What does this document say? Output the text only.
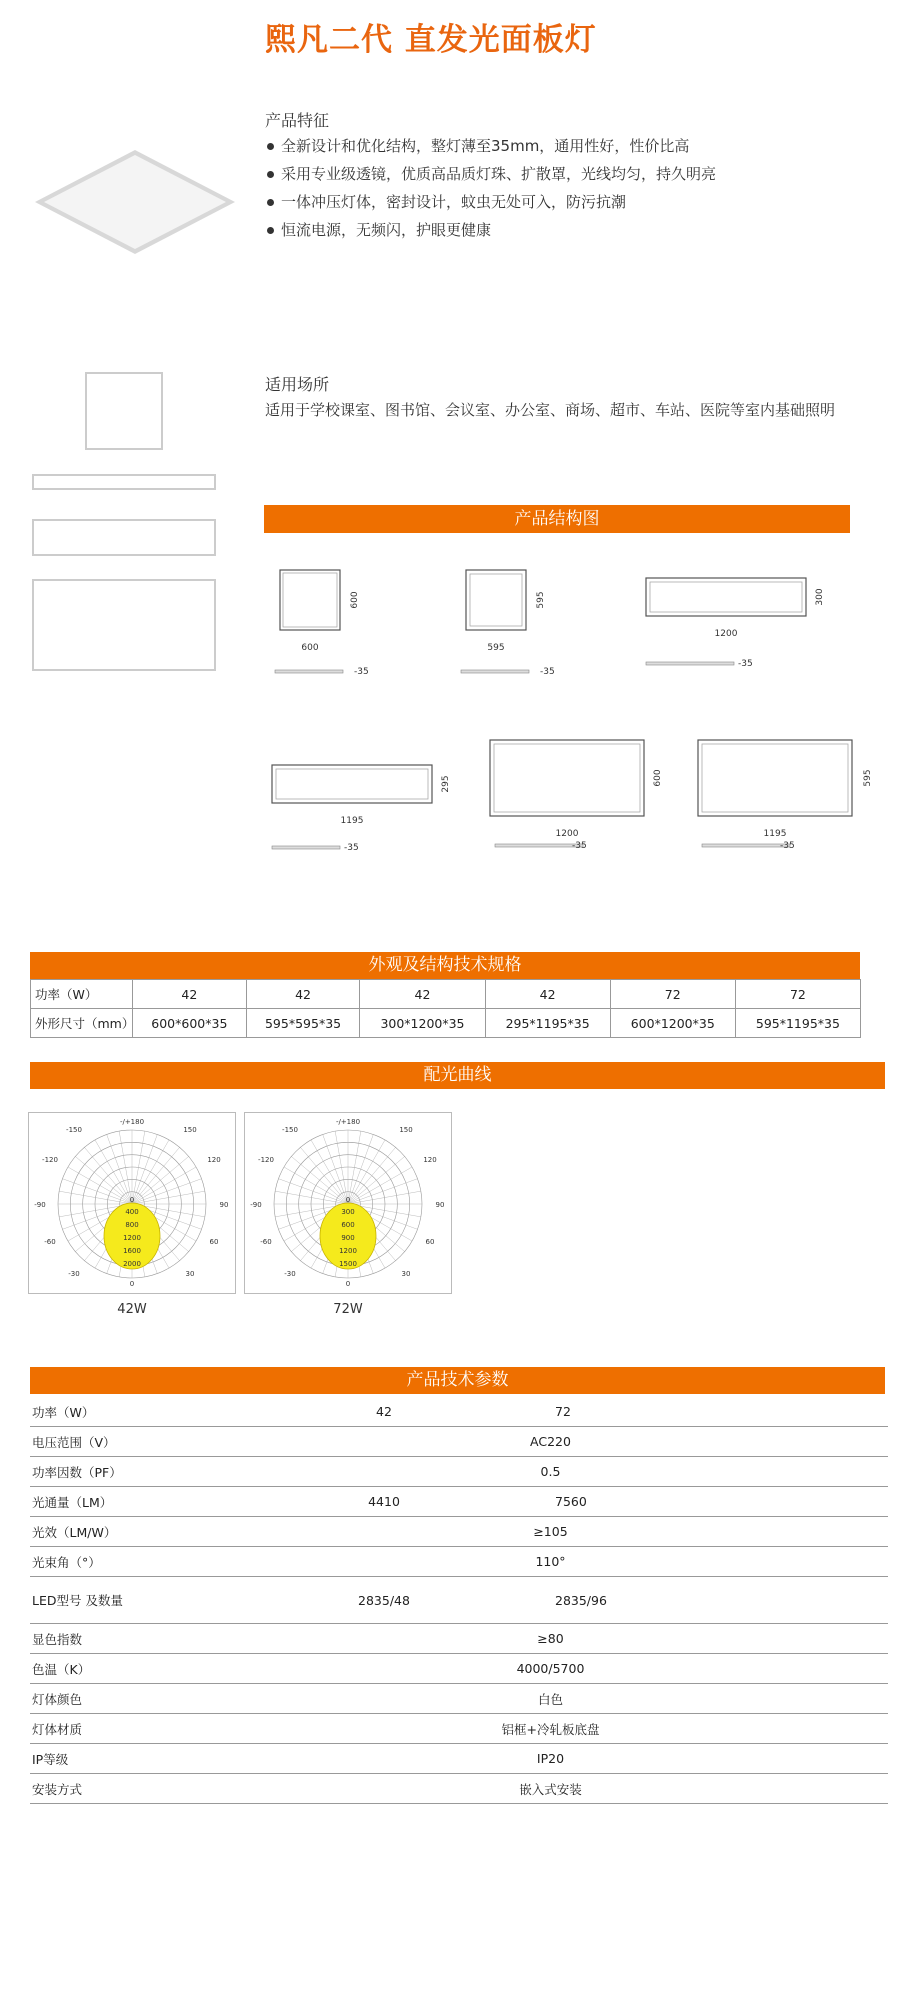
熙凡二代 直发光面板灯
产品特征
全新设计和优化结构，整灯薄至35mm，通用性好，性价比高
采用专业级透镜，优质高品质灯珠、扩散罩，光线均匀，持久明亮
一体冲压灯体，密封设计，蚊虫无处可入，防污抗潮
恒流电源，无频闪，护眼更健康
适用场所
适用于学校课室、图书馆、会议室、办公室、商场、超市、车站、医院等室内基础照明
产品结构图
600
600
-35
595
595
-35
1200
300
-35
1195
295
-35
1200
600
-35
1195
595
-35
外观及结构技术规格
功率（W）	42	42	42	42	72	72
外形尺寸（mm）	600*600*35	595*595*35	300*1200*35	295*1195*35	600*1200*35	595*1195*35
配光曲线
-/+180
-150	150
-120	120
-90	90
-60	60
-30	30
0
400
800
1200
1600
2000
0
-/+180
-150	150
-120	120
-90	90
-60	60
-30	30
0
300
600
900
1200
1500
0
42W	72W
产品技术参数
功率（W）	42	72
电压范围（V）	AC220	
功率因数（PF）	0.5	
光通量（LM）	4410	7560
光效（LM/W）	≥105	
光束角（°）	110°	
LED型号 及数量	2835/48	2835/96
显色指数	≥80	
色温（K）	4000/5700	
灯体颜色	白色	
灯体材质	铝框+冷轧板底盘	
IP等级	IP20	
安装方式	嵌入式安装	
